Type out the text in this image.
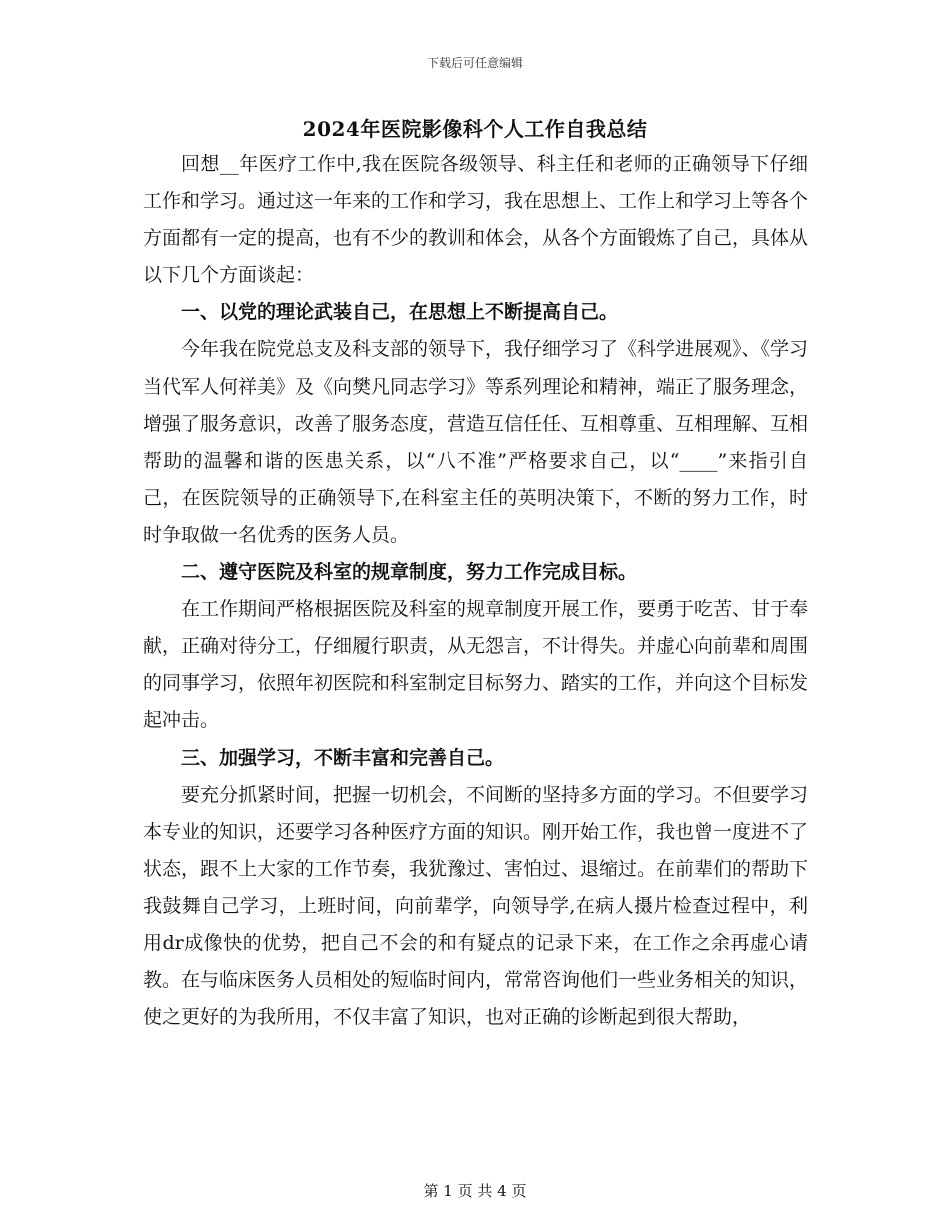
下载后可任意编辑
2024年医院影像科个人工作自我总结

回想__年医疗工作中,我在医院各级领导、科主任和老师的正确领导下仔细工作和学习。通过这一年来的工作和学习，我在思想上、工作上和学习上等各个方面都有一定的提高，也有不少的教训和体会，从各个方面锻炼了自己，具体从以下几个方面谈起：

一、以党的理论武装自己，在思想上不断提高自己。

今年我在院党总支及科支部的领导下，我仔细学习了《科学进展观》、《学习当代军人何祥美》及《向樊凡同志学习》等系列理论和精神，端正了服务理念，增强了服务意识，改善了服务态度，营造互信任任、互相尊重、互相理解、互相帮助的温馨和谐的医患关系，以“八不准”严格要求自己，以“____”来指引自己，在医院领导的正确领导下,在科室主任的英明决策下，不断的努力工作，时时争取做一名优秀的医务人员。

二、遵守医院及科室的规章制度，努力工作完成目标。

在工作期间严格根据医院及科室的规章制度开展工作，要勇于吃苦、甘于奉献，正确对待分工，仔细履行职责，从无怨言，不计得失。并虚心向前辈和周围的同事学习，依照年初医院和科室制定目标努力、踏实的工作，并向这个目标发起冲击。

三、加强学习，不断丰富和完善自己。

要充分抓紧时间，把握一切机会，不间断的坚持多方面的学习。不但要学习本专业的知识，还要学习各种医疗方面的知识。刚开始工作，我也曾一度进不了状态，跟不上大家的工作节奏，我犹豫过、害怕过、退缩过。在前辈们的帮助下我鼓舞自己学习，上班时间，向前辈学，向领导学,在病人摄片检查过程中，利用dr成像快的优势，把自己不会的和有疑点的记录下来，在工作之余再虚心请教。在与临床医务人员相处的短临时间内，常常咨询他们一些业务相关的知识，使之更好的为我所用，不仅丰富了知识，也对正确的诊断起到很大帮助，

第 1 页 共 4 页
